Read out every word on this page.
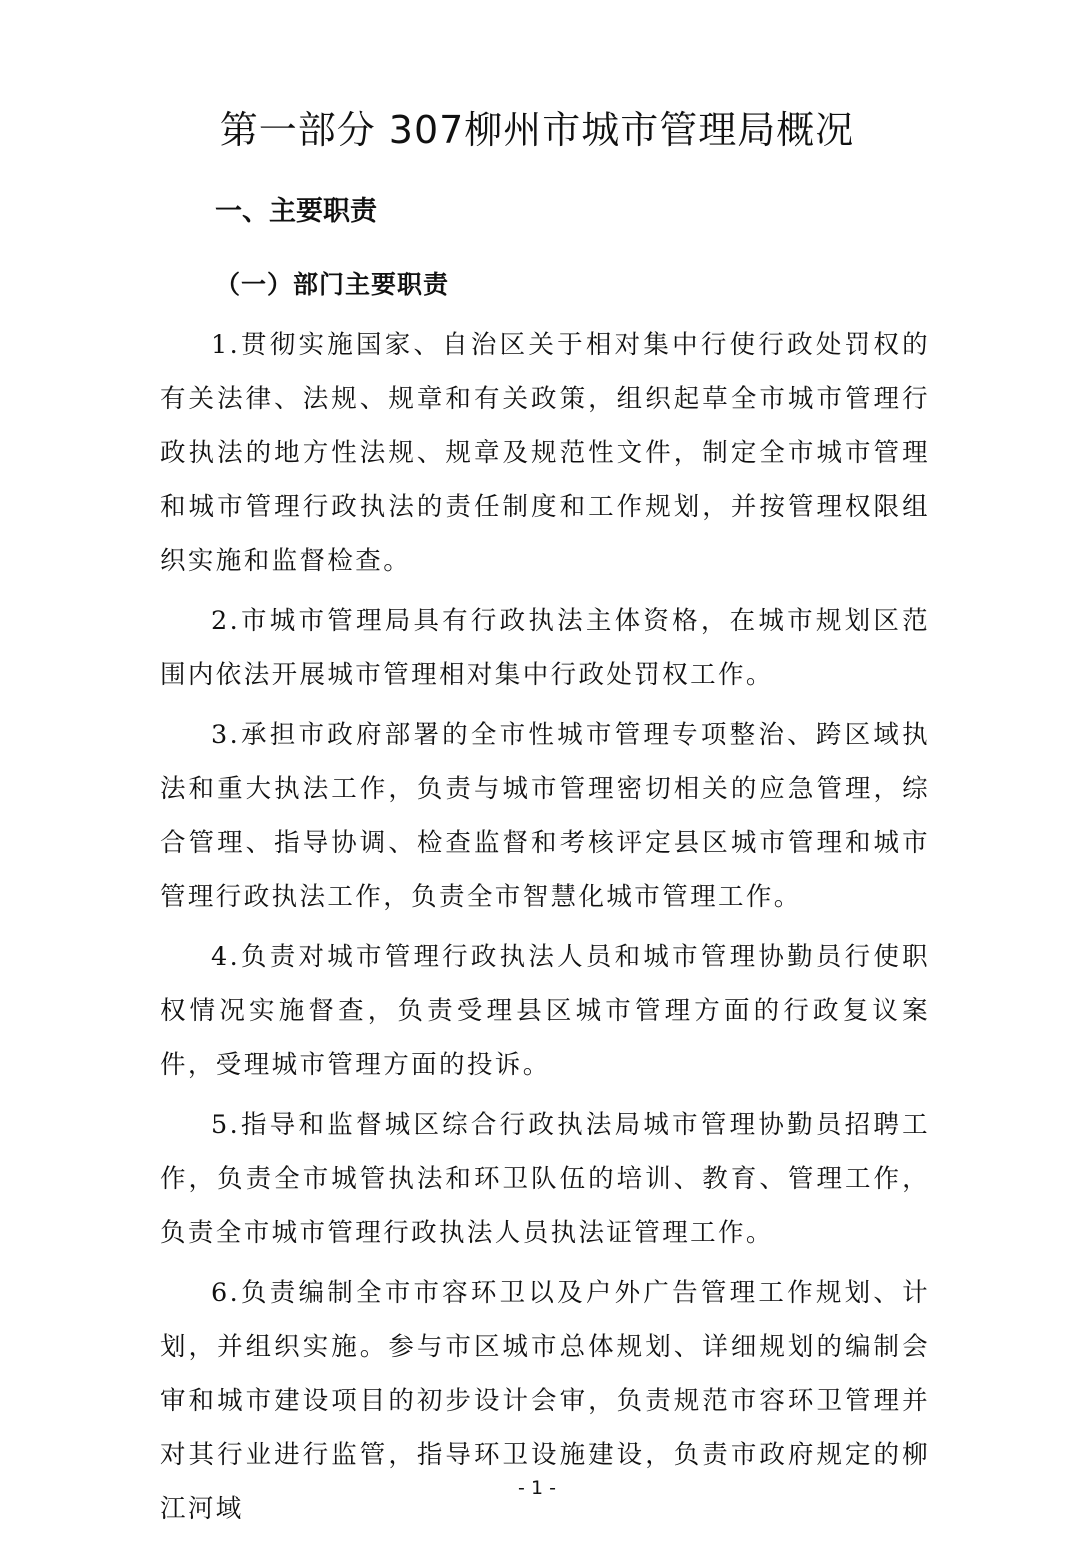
第一部分 307柳州市城市管理局概况
一、主要职责
（一）部门主要职责

1.贯彻实施国家、自治区关于相对集中行使行政处罚权的有关法律、法规、规章和有关政策，组织起草全市城市管理行政执法的地方性法规、规章及规范性文件，制定全市城市管理和城市管理行政执法的责任制度和工作规划，并按管理权限组织实施和监督检查。

2.市城市管理局具有行政执法主体资格，在城市规划区范围内依法开展城市管理相对集中行政处罚权工作。

3.承担市政府部署的全市性城市管理专项整治、跨区域执法和重大执法工作，负责与城市管理密切相关的应急管理，综合管理、指导协调、检查监督和考核评定县区城市管理和城市管理行政执法工作，负责全市智慧化城市管理工作。

4.负责对城市管理行政执法人员和城市管理协勤员行使职权情况实施督查，负责受理县区城市管理方面的行政复议案件，受理城市管理方面的投诉。

5.指导和监督城区综合行政执法局城市管理协勤员招聘工作，负责全市城管执法和环卫队伍的培训、教育、管理工作，负责全市城市管理行政执法人员执法证管理工作。

6.负责编制全市市容环卫以及户外广告管理工作规划、计划，并组织实施。参与市区城市总体规划、详细规划的编制会审和城市建设项目的初步设计会审，负责规范市容环卫管理并对其行业进行监管，指导环卫设施建设，负责市政府规定的柳江河域

- 1 -
